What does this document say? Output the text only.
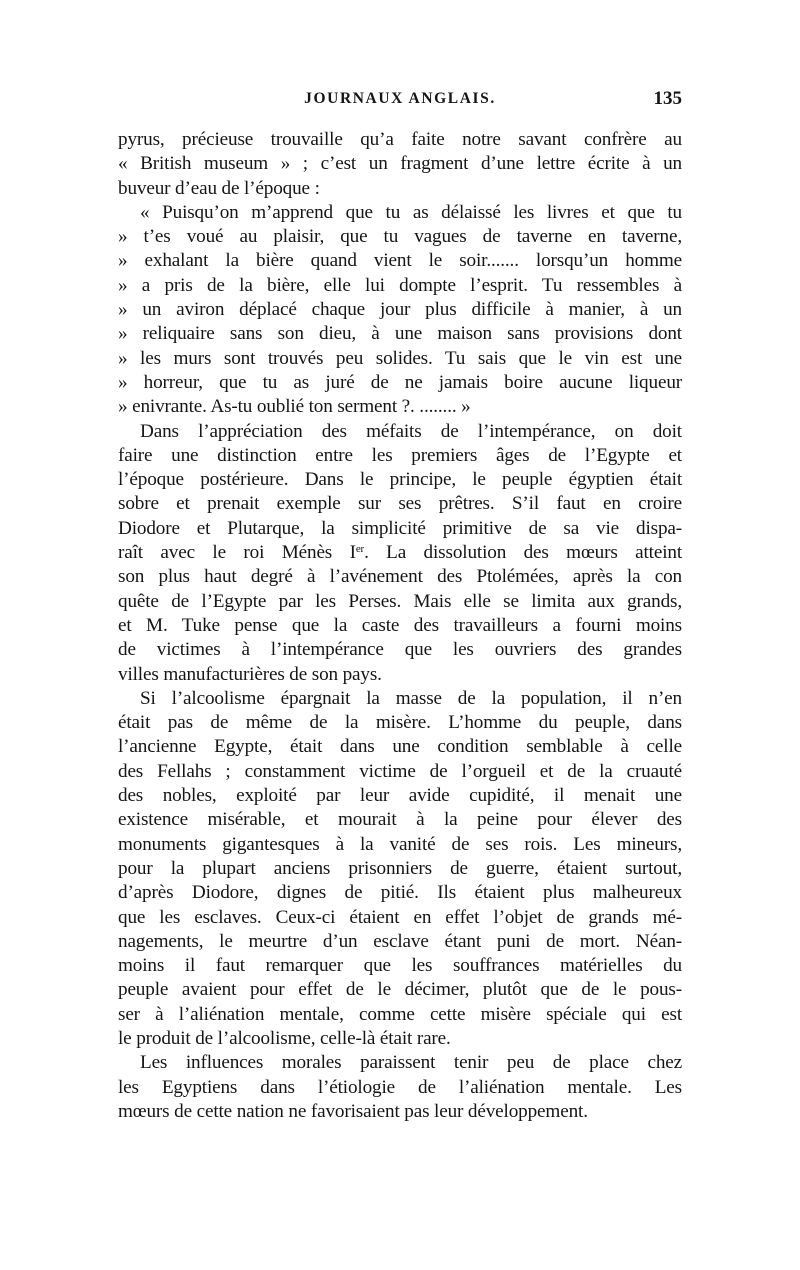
JOURNAUX ANGLAIS.	135
pyrus, précieuse trouvaille qu’a faite notre savant confrère au
« British museum » ; c’est un fragment d’une lettre écrite à un
buveur d’eau de l’époque :
« Puisqu’on m’apprend que tu as délaissé les livres et que tu
» t’es voué au plaisir, que tu vagues de taverne en taverne,
» exhalant la bière quand vient le soir....... lorsqu’un homme
» a pris de la bière, elle lui dompte l’esprit. Tu ressembles à
» un aviron déplacé chaque jour plus difficile à manier, à un
» reliquaire sans son dieu, à une maison sans provisions dont
» les murs sont trouvés peu solides. Tu sais que le vin est une
» horreur, que tu as juré de ne jamais boire aucune liqueur
» enivrante. As-tu oublié ton serment ?. ........ »
Dans l’appréciation des méfaits de l’intempérance, on doit
faire une distinction entre les premiers âges de l’Egypte et
l’époque postérieure. Dans le principe, le peuple égyptien était
sobre et prenait exemple sur ses prêtres. S’il faut en croire
Diodore et Plutarque, la simplicité primitive de sa vie dispa-
raît avec le roi Ménès Ier. La dissolution des mœurs atteint
son plus haut degré à l’avénement des Ptolémées, après la con
quête de l’Egypte par les Perses. Mais elle se limita aux grands,
et M. Tuke pense que la caste des travailleurs a fourni moins
de victimes à l’intempérance que les ouvriers des grandes
villes manufacturières de son pays.
Si l’alcoolisme épargnait la masse de la population, il n’en
était pas de même de la misère. L’homme du peuple, dans
l’ancienne Egypte, était dans une condition semblable à celle
des Fellahs ; constamment victime de l’orgueil et de la cruauté
des nobles, exploité par leur avide cupidité, il menait une
existence misérable, et mourait à la peine pour élever des
monuments gigantesques à la vanité de ses rois. Les mineurs,
pour la plupart anciens prisonniers de guerre, étaient surtout,
d’après Diodore, dignes de pitié. Ils étaient plus malheureux
que les esclaves. Ceux-ci étaient en effet l’objet de grands mé-
nagements, le meurtre d’un esclave étant puni de mort. Néan-
moins il faut remarquer que les souffrances matérielles du
peuple avaient pour effet de le décimer, plutôt que de le pous-
ser à l’aliénation mentale, comme cette misère spéciale qui est
le produit de l’alcoolisme, celle-là était rare.
Les influences morales paraissent tenir peu de place chez
les Egyptiens dans l’étiologie de l’aliénation mentale. Les
mœurs de cette nation ne favorisaient pas leur développement.
